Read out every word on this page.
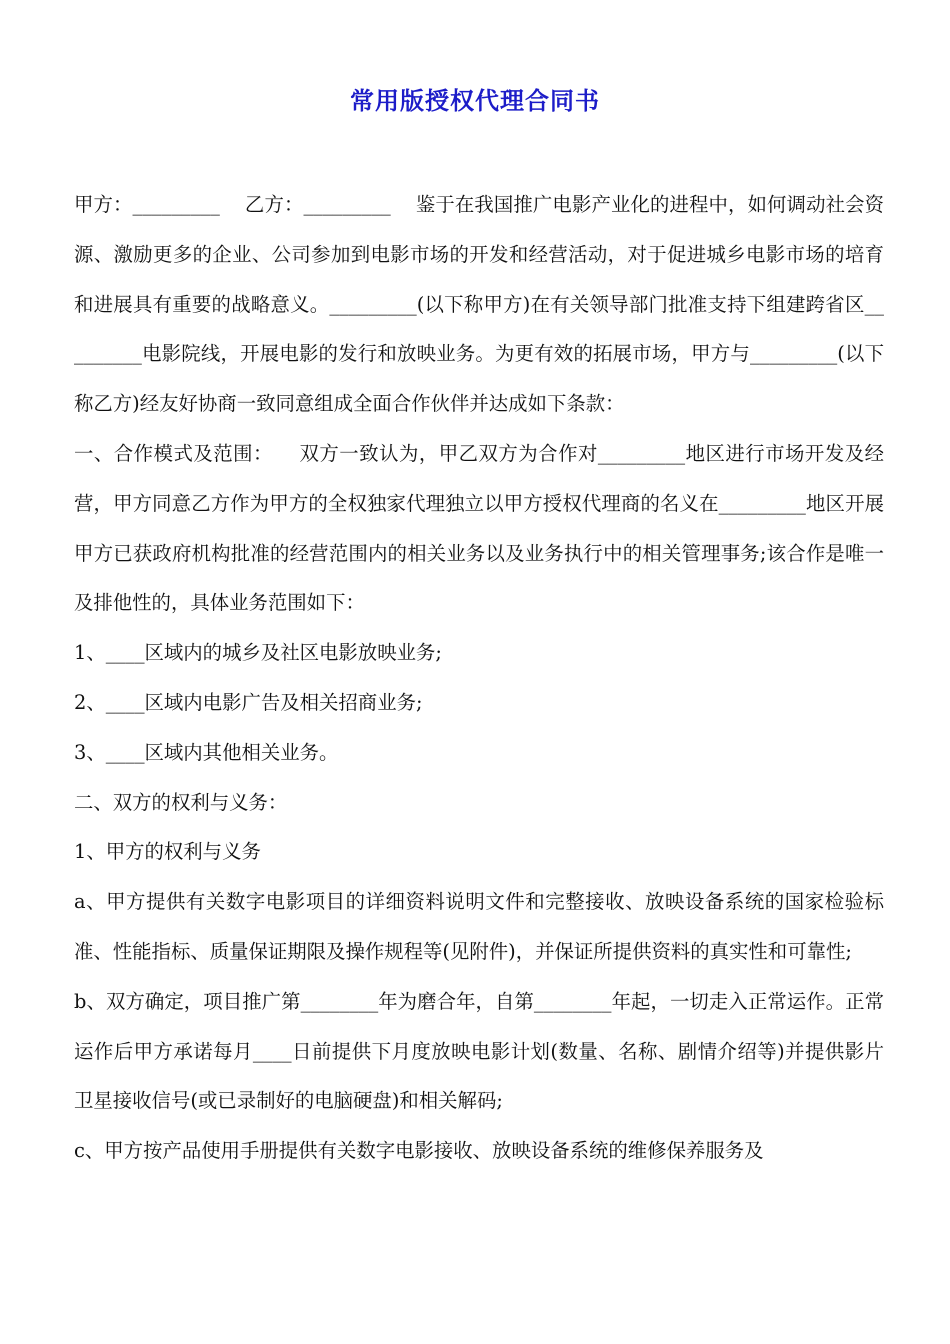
常用版授权代理合同书

甲方：_________    乙方：_________    鉴于在我国推广电影产业化的进程中，如何调动社会资源、激励更多的企业、公司参加到电影市场的开发和经营活动，对于促进城乡电影市场的培育和进展具有重要的战略意义。_________(以下称甲方)在有关领导部门批准支持下组建跨省区_________电影院线，开展电影的发行和放映业务。为更有效的拓展市场，甲方与_________(以下称乙方)经友好协商一致同意组成全面合作伙伴并达成如下条款：

一、合作模式及范围：    双方一致认为，甲乙双方为合作对_________地区进行市场开发及经营，甲方同意乙方作为甲方的全权独家代理独立以甲方授权代理商的名义在_________地区开展甲方已获政府机构批准的经营范围内的相关业务以及业务执行中的相关管理事务;该合作是唯一及排他性的，具体业务范围如下：

1、____区域内的城乡及社区电影放映业务;

2、____区域内电影广告及相关招商业务;

3、____区域内其他相关业务。

二、双方的权利与义务：

1、甲方的权利与义务

a、甲方提供有关数字电影项目的详细资料说明文件和完整接收、放映设备系统的国家检验标准、性能指标、质量保证期限及操作规程等(见附件)，并保证所提供资料的真实性和可靠性;

b、双方确定，项目推广第________年为磨合年，自第________年起，一切走入正常运作。正常运作后甲方承诺每月____日前提供下月度放映电影计划(数量、名称、剧情介绍等)并提供影片卫星接收信号(或已录制好的电脑硬盘)和相关解码;

c、甲方按产品使用手册提供有关数字电影接收、放映设备系统的维修保养服务及
